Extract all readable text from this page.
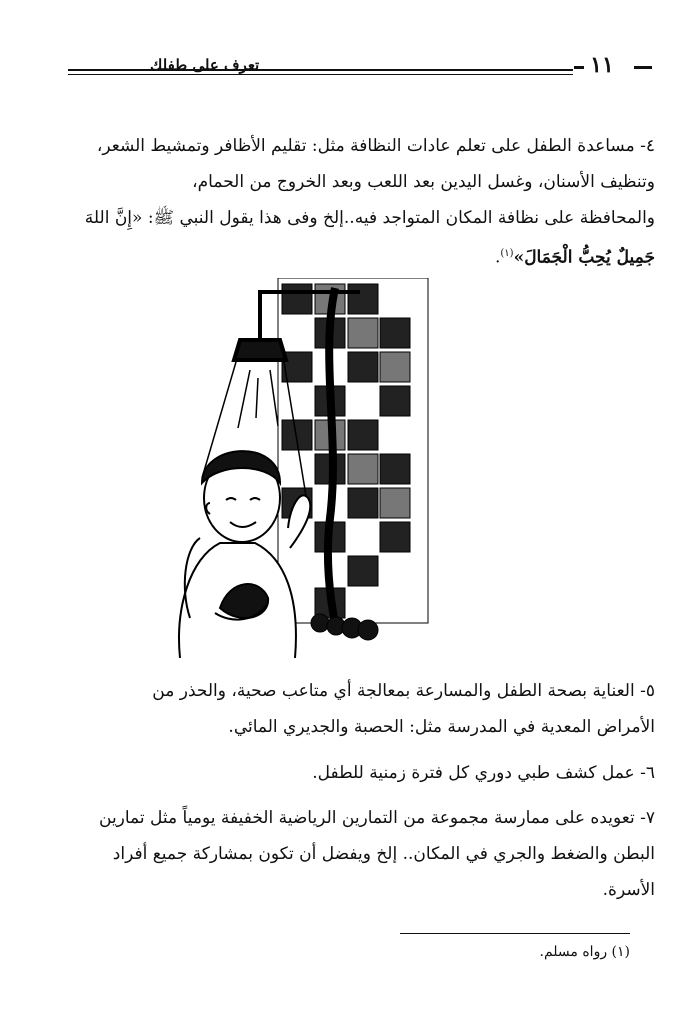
تعرف على طفلك	١١

٤- مساعدة الطفل على تعلم عادات النظافة مثل: تقليم الأظافر وتمشيط الشعر،

وتنظيف الأسنان، وغسل اليدين بعد اللعب وبعد الخروج من الحمام،

والمحافظة على نظافة المكان المتواجد فيه..إلخ وفى هذا يقول النبي ﷺ: «إِنَّ اللهَ

جَمِيلٌ يُحِبُّ الْجَمَالَ»$^{(١)}$.

٥- العناية بصحة الطفل والمسارعة بمعالجة أي متاعب صحية، والحذر من

الأمراض المعدية في المدرسة مثل: الحصبة والجديري المائي.

٦- عمل كشف طبي دوري كل فترة زمنية للطفل.

٧- تعويده على ممارسة مجموعة من التمارين الرياضية الخفيفة يومياً مثل تمارين

البطن والضغط والجري في المكان.. إلخ ويفضل أن تكون بمشاركة جميع أفراد

الأسرة.

(١) رواه مسلم.
